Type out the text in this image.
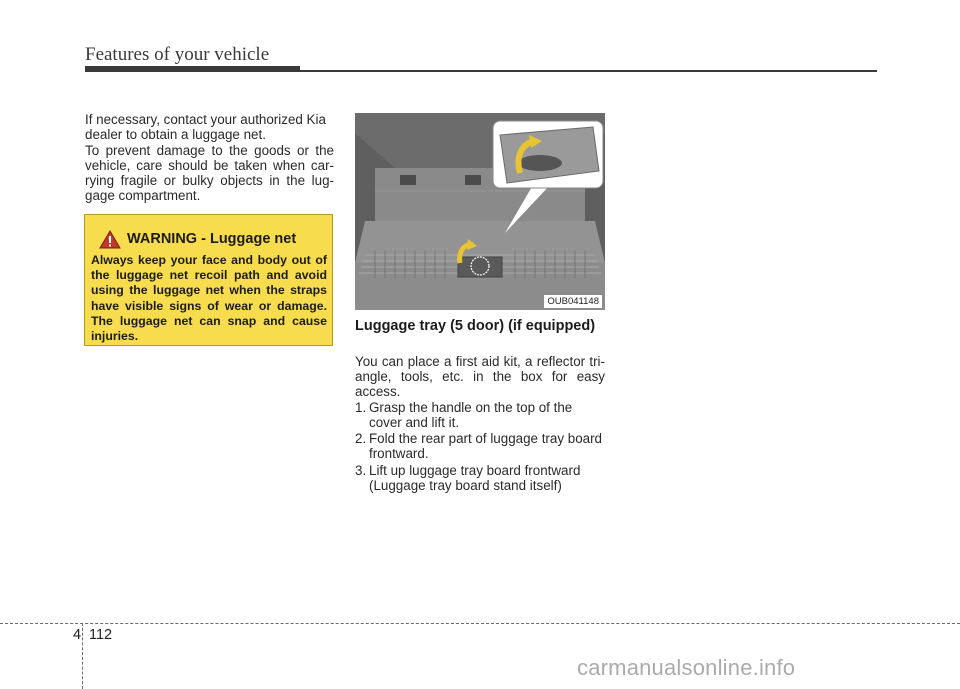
Features of your vehicle

If necessary, contact your authorized Kia dealer to obtain a luggage net.

To prevent damage to the goods or the vehicle, care should be taken when car-rying fragile or bulky objects in the lug-gage compartment.

WARNING - Luggage net

Always keep your face and body out of the luggage net recoil path and avoid using the luggage net when the straps have visible signs of wear or damage. The luggage net can snap and cause injuries.

OUB041148
Luggage tray (5 door) (if equipped)

You can place a first aid kit, a reflector tri-angle, tools, etc. in the box for easy access.

1. Grasp the handle on the top of the cover and lift it.
2. Fold the rear part of luggage tray board frontward.
3. Lift up luggage tray board frontward (Luggage tray board stand itself)
4 112
carmanualsonline.info
